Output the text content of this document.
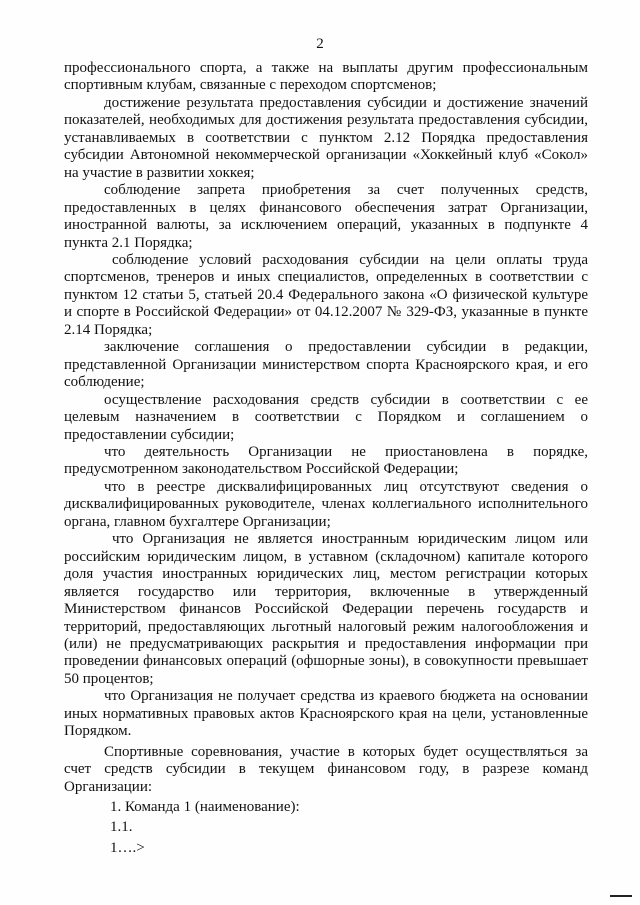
2

профессионального спорта, а также на выплаты другим профессиональным спортивным клубам, связанные с переходом спортсменов;

достижение результата предоставления субсидии и достижение значений показателей, необходимых для достижения результата предоставления субсидии, устанавливаемых в соответствии с пунктом 2.12 Порядка предоставления субсидии Автономной некоммерческой организации «Хоккейный клуб «Сокол» на участие в развитии хоккея;

соблюдение запрета приобретения за счет полученных средств, предоставленных в целях финансового обеспечения затрат Организации, иностранной валюты, за исключением операций, указанных в подпункте 4 пункта 2.1 Порядка;

соблюдение условий расходования субсидии на цели оплаты труда спортсменов, тренеров и иных специалистов, определенных в соответствии с пунктом 12 статьи 5, статьей 20.4 Федерального закона «О физической культуре и спорте в Российской Федерации» от 04.12.2007 № 329-ФЗ, указанные в пункте 2.14 Порядка;

заключение соглашения о предоставлении субсидии в редакции, представленной Организации министерством спорта Красноярского края, и его соблюдение;

осуществление расходования средств субсидии в соответствии с ее целевым назначением в соответствии с Порядком и соглашением о предоставлении субсидии;

что деятельность Организации не приостановлена в порядке, предусмотренном законодательством Российской Федерации;

что в реестре дисквалифицированных лиц отсутствуют сведения о дисквалифицированных руководителе, членах коллегиального исполнительного органа, главном бухгалтере Организации;

что Организация не является иностранным юридическим лицом или российским юридическим лицом, в уставном (складочном) капитале которого доля участия иностранных юридических лиц, местом регистрации которых является государство или территория, включенные в утвержденный Министерством финансов Российской Федерации перечень государств и территорий, предоставляющих льготный налоговый режим налогообложения и (или) не предусматривающих раскрытия и предоставления информации при проведении финансовых операций (офшорные зоны), в совокупности превышает 50 процентов;

что Организация не получает средства из краевого бюджета на основании иных нормативных правовых актов Красноярского края на цели, установленные Порядком.

Спортивные соревнования, участие в которых будет осуществляться за счет средств субсидии в текущем финансовом году, в разрезе команд Организации:

1. Команда 1 (наименование):

1.1.

1….>
